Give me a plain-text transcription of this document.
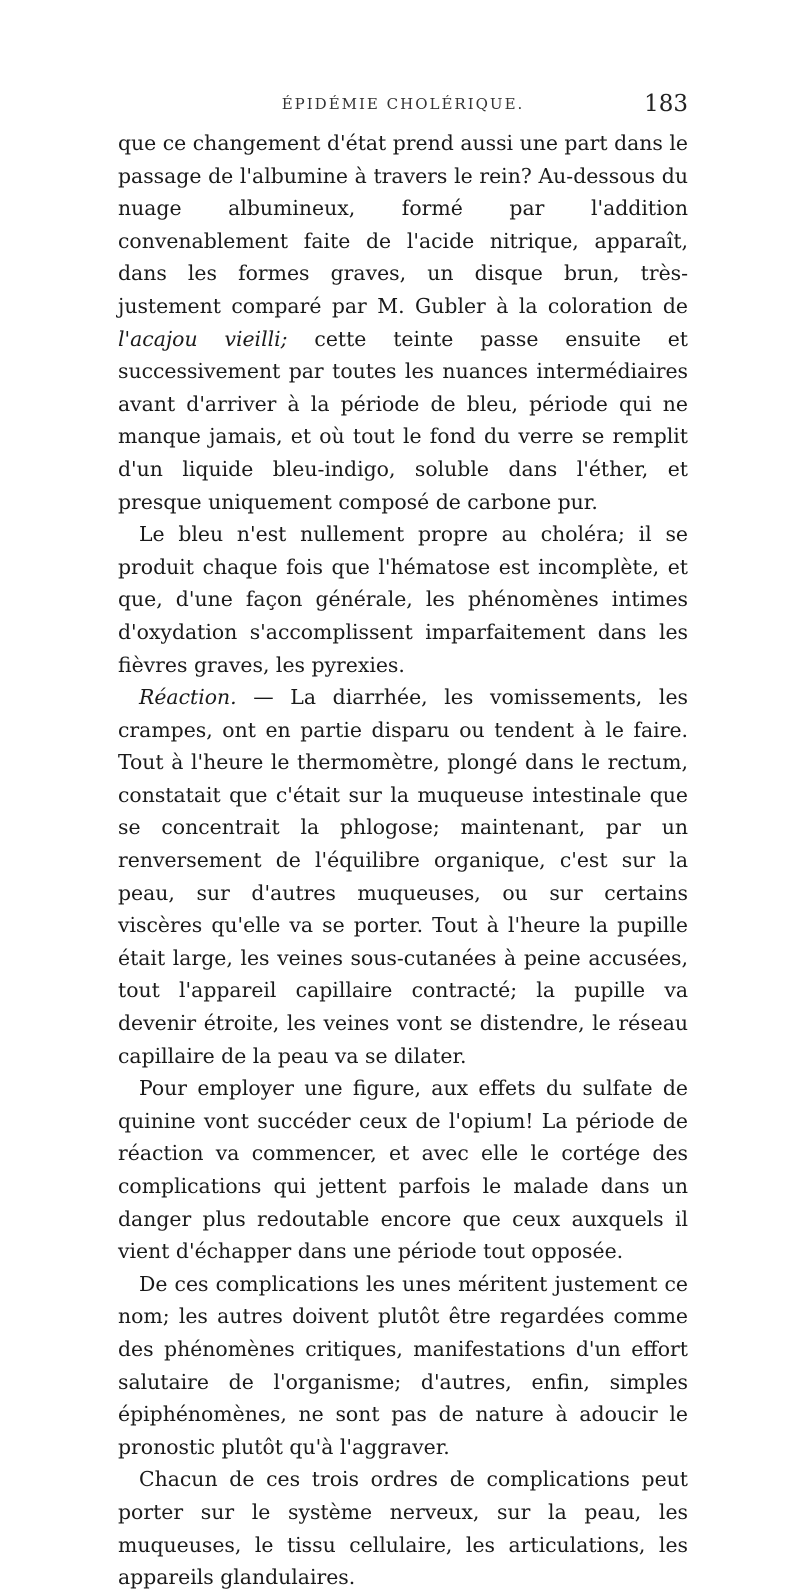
ÉPIDÉMIE CHOLÉRIQUE.	183

que ce changement d'état prend aussi une part dans le passage de l'albumine à travers le rein? Au-dessous du nuage albumineux, formé par l'addition convenablement faite de l'acide nitrique, apparaît, dans les formes graves, un disque brun, très-justement comparé par M. Gubler à la coloration de l'acajou vieilli; cette teinte passe ensuite et successivement par toutes les nuances intermédiaires avant d'arriver à la période de bleu, période qui ne manque jamais, et où tout le fond du verre se remplit d'un liquide bleu-indigo, soluble dans l'éther, et presque uniquement composé de carbone pur.

Le bleu n'est nullement propre au choléra; il se produit chaque fois que l'hématose est incomplète, et que, d'une façon générale, les phénomènes intimes d'oxydation s'accomplissent imparfaitement dans les fièvres graves, les pyrexies.

Réaction. — La diarrhée, les vomissements, les crampes, ont en partie disparu ou tendent à le faire. Tout à l'heure le thermomètre, plongé dans le rectum, constatait que c'était sur la muqueuse intestinale que se concentrait la phlogose; maintenant, par un renversement de l'équilibre organique, c'est sur la peau, sur d'autres muqueuses, ou sur certains viscères qu'elle va se porter. Tout à l'heure la pupille était large, les veines sous-cutanées à peine accusées, tout l'appareil capillaire contracté; la pupille va devenir étroite, les veines vont se distendre, le réseau capillaire de la peau va se dilater.

Pour employer une figure, aux effets du sulfate de quinine vont succéder ceux de l'opium! La période de réaction va commencer, et avec elle le cortége des complications qui jettent parfois le malade dans un danger plus redoutable encore que ceux auxquels il vient d'échapper dans une période tout opposée.

De ces complications les unes méritent justement ce nom; les autres doivent plutôt être regardées comme des phénomènes critiques, manifestations d'un effort salutaire de l'organisme; d'autres, enfin, simples épiphénomènes, ne sont pas de nature à adoucir le pronostic plutôt qu'à l'aggraver.

Chacun de ces trois ordres de complications peut porter sur le système nerveux, sur la peau, les muqueuses, le tissu cellulaire, les articulations, les appareils glandulaires.
